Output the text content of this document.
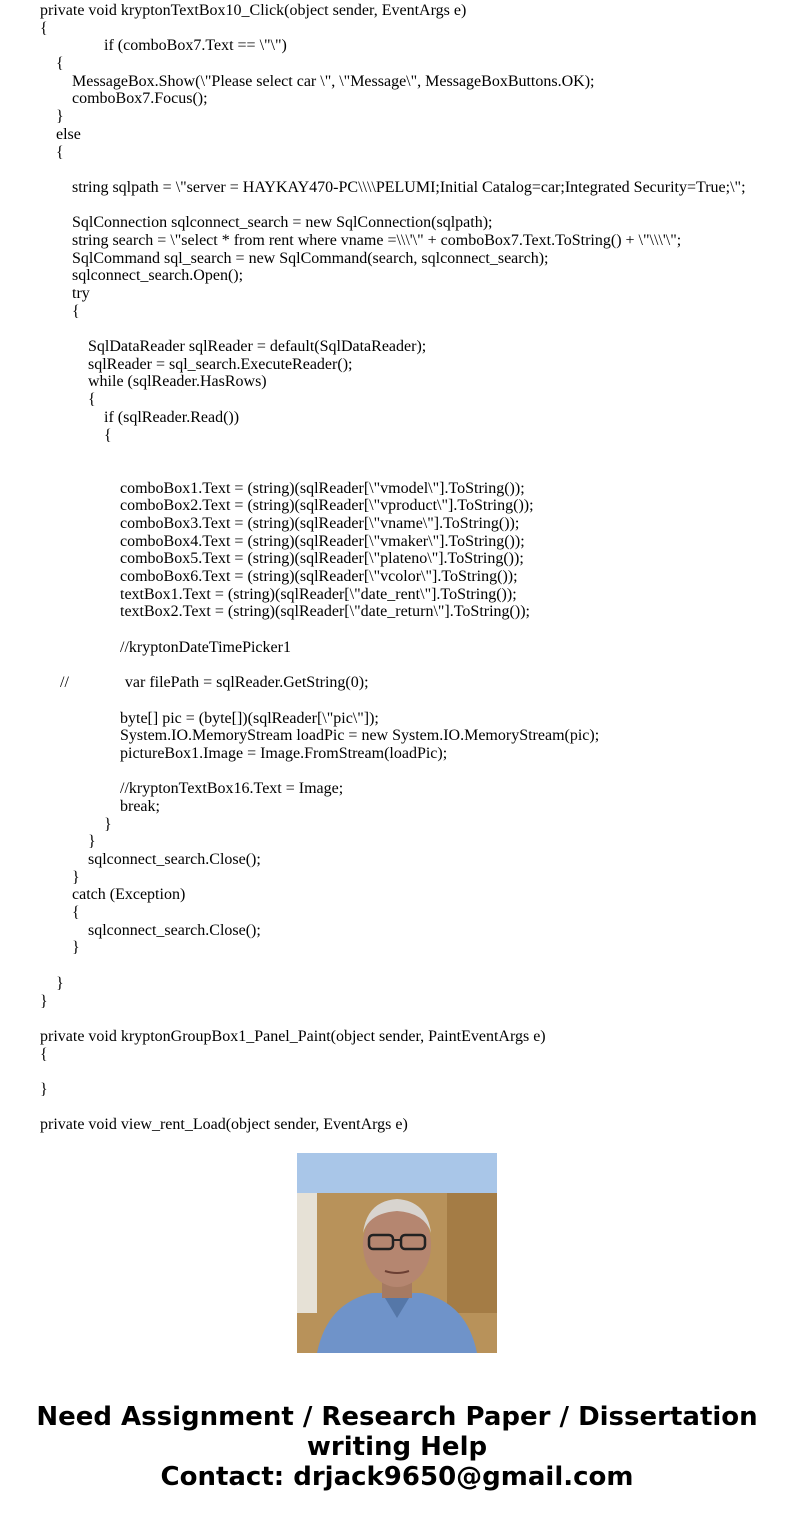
private void kryptonTextBox10_Click(object sender, EventArgs e)
{
if (comboBox7.Text == \"\")
{
MessageBox.Show(\"Please select car \", \"Message\", MessageBoxButtons.OK);
comboBox7.Focus();
}
else
{
string sqlpath = \"server = HAYKAY470-PC\\\\PELUMI;Initial Catalog=car;Integrated Security=True;\";
SqlConnection sqlconnect_search = new SqlConnection(sqlpath);
string search = \"select * from rent where vname =\\\'\" + comboBox7.Text.ToString() + \"\\\'\";
SqlCommand sql_search = new SqlCommand(search, sqlconnect_search);
sqlconnect_search.Open();
try
{
SqlDataReader sqlReader = default(SqlDataReader);
sqlReader = sql_search.ExecuteReader();
while (sqlReader.HasRows)
{
if (sqlReader.Read())
{
comboBox1.Text = (string)(sqlReader[\"vmodel\"].ToString());
comboBox2.Text = (string)(sqlReader[\"vproduct\"].ToString());
comboBox3.Text = (string)(sqlReader[\"vname\"].ToString());
comboBox4.Text = (string)(sqlReader[\"vmaker\"].ToString());
comboBox5.Text = (string)(sqlReader[\"plateno\"].ToString());
comboBox6.Text = (string)(sqlReader[\"vcolor\"].ToString());
textBox1.Text = (string)(sqlReader[\"date_rent\"].ToString());
textBox2.Text = (string)(sqlReader[\"date_return\"].ToString());
//kryptonDateTimePicker1
//              var filePath = sqlReader.GetString(0);
byte[] pic = (byte[])(sqlReader[\"pic\"]);
System.IO.MemoryStream loadPic = new System.IO.MemoryStream(pic);
pictureBox1.Image = Image.FromStream(loadPic);
//kryptonTextBox16.Text = Image;
break;
}
}
sqlconnect_search.Close();
}
catch (Exception)
{
sqlconnect_search.Close();
}
}
}
private void kryptonGroupBox1_Panel_Paint(object sender, PaintEventArgs e)
{
}
private void view_rent_Load(object sender, EventArgs e)
Need Assignment / Research Paper / Dissertation
writing Help
Contact: drjack9650@gmail.com
